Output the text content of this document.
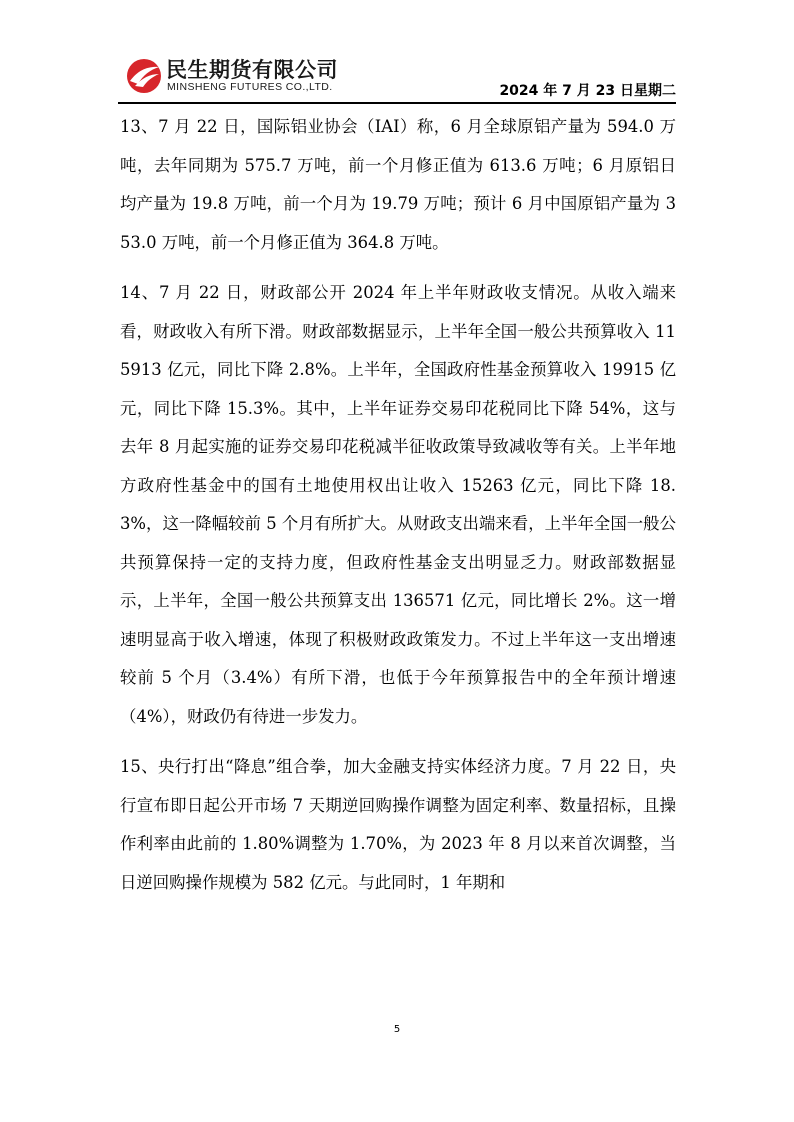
民生期货有限公司
MINSHENG FUTURES CO.,LTD.	2024 年 7 月 23 日星期二

13、7 月 22 日，国际铝业协会（IAI）称，6 月全球原铝产量为 594.0 万吨，去年同期为 575.7 万吨，前一个月修正值为 613.6 万吨；6 月原铝日均产量为 19.8 万吨，前一个月为 19.79 万吨；预计 6 月中国原铝产量为 353.0 万吨，前一个月修正值为 364.8 万吨。

14、7 月 22 日，财政部公开 2024 年上半年财政收支情况。从收入端来看，财政收入有所下滑。财政部数据显示，上半年全国一般公共预算收入 115913 亿元，同比下降 2.8%。上半年，全国政府性基金预算收入 19915 亿元，同比下降 15.3%。其中，上半年证券交易印花税同比下降 54%，这与去年 8 月起实施的证券交易印花税减半征收政策导致减收等有关。上半年地方政府性基金中的国有土地使用权出让收入 15263 亿元，同比下降 18.3%，这一降幅较前 5 个月有所扩大。从财政支出端来看，上半年全国一般公共预算保持一定的支持力度，但政府性基金支出明显乏力。财政部数据显示，上半年，全国一般公共预算支出 136571 亿元，同比增长 2%。这一增速明显高于收入增速，体现了积极财政政策发力。不过上半年这一支出增速较前 5 个月（3.4%）有所下滑，也低于今年预算报告中的全年预计增速（4%），财政仍有待进一步发力。

15、央行打出“降息”组合拳，加大金融支持实体经济力度。7 月 22 日，央行宣布即日起公开市场 7 天期逆回购操作调整为固定利率、数量招标，且操作利率由此前的 1.80%调整为 1.70%，为 2023 年 8 月以来首次调整，当日逆回购操作规模为 582 亿元。与此同时，1 年期和

5
